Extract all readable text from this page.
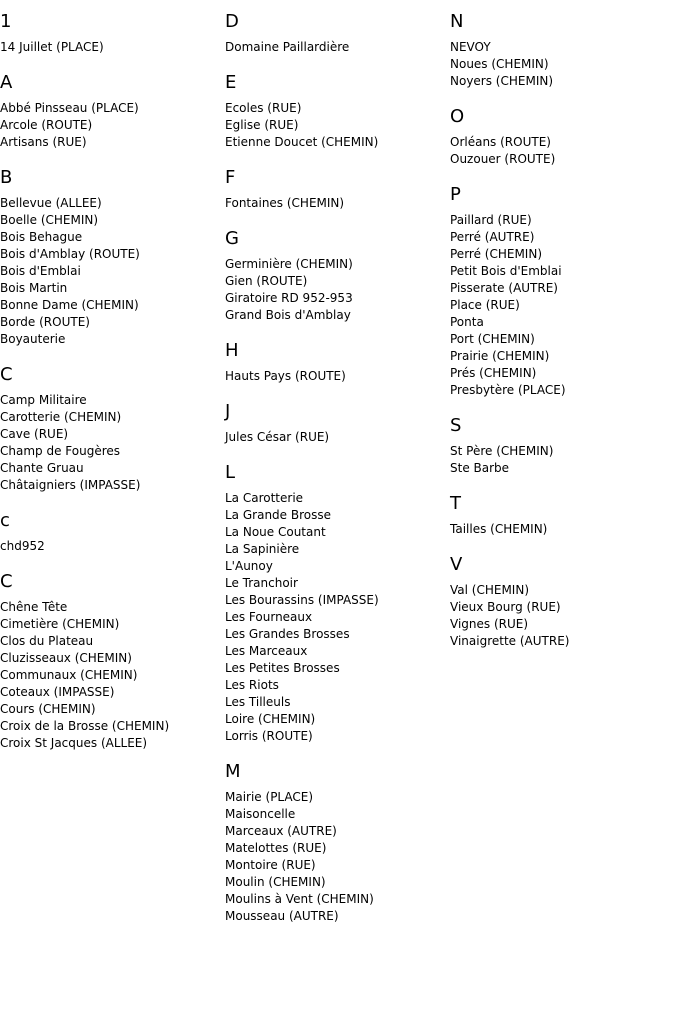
1
14 Juillet (PLACE)
A
Abbé Pinsseau (PLACE)
Arcole (ROUTE)
Artisans (RUE)
B
Bellevue (ALLEE)
Boelle (CHEMIN)
Bois Behague
Bois d'Amblay (ROUTE)
Bois d'Emblai
Bois Martin
Bonne Dame (CHEMIN)
Borde (ROUTE)
Boyauterie
C
Camp Militaire
Carotterie (CHEMIN)
Cave (RUE)
Champ de Fougères
Chante Gruau
Châtaigniers (IMPASSE)
c
chd952
C
Chêne Tête
Cimetière (CHEMIN)
Clos du Plateau
Cluzisseaux (CHEMIN)
Communaux (CHEMIN)
Coteaux (IMPASSE)
Cours (CHEMIN)
Croix de la Brosse (CHEMIN)
Croix St Jacques (ALLEE)
D
Domaine Paillardière
E
Ecoles (RUE)
Eglise (RUE)
Etienne Doucet (CHEMIN)
F
Fontaines (CHEMIN)
G
Germinière (CHEMIN)
Gien (ROUTE)
Giratoire RD 952-953
Grand Bois d'Amblay
H
Hauts Pays (ROUTE)
J
Jules César (RUE)
L
La Carotterie
La Grande Brosse
La Noue Coutant
La Sapinière
L'Aunoy
Le Tranchoir
Les Bourassins (IMPASSE)
Les Fourneaux
Les Grandes Brosses
Les Marceaux
Les Petites Brosses
Les Riots
Les Tilleuls
Loire (CHEMIN)
Lorris (ROUTE)
M
Mairie (PLACE)
Maisoncelle
Marceaux (AUTRE)
Matelottes (RUE)
Montoire (RUE)
Moulin (CHEMIN)
Moulins à Vent (CHEMIN)
Mousseau (AUTRE)
N
NEVOY
Noues (CHEMIN)
Noyers (CHEMIN)
O
Orléans (ROUTE)
Ouzouer (ROUTE)
P
Paillard (RUE)
Perré (AUTRE)
Perré (CHEMIN)
Petit Bois d'Emblai
Pisserate (AUTRE)
Place (RUE)
Ponta
Port (CHEMIN)
Prairie (CHEMIN)
Prés (CHEMIN)
Presbytère (PLACE)
S
St Père (CHEMIN)
Ste Barbe
T
Tailles (CHEMIN)
V
Val (CHEMIN)
Vieux Bourg (RUE)
Vignes (RUE)
Vinaigrette (AUTRE)
